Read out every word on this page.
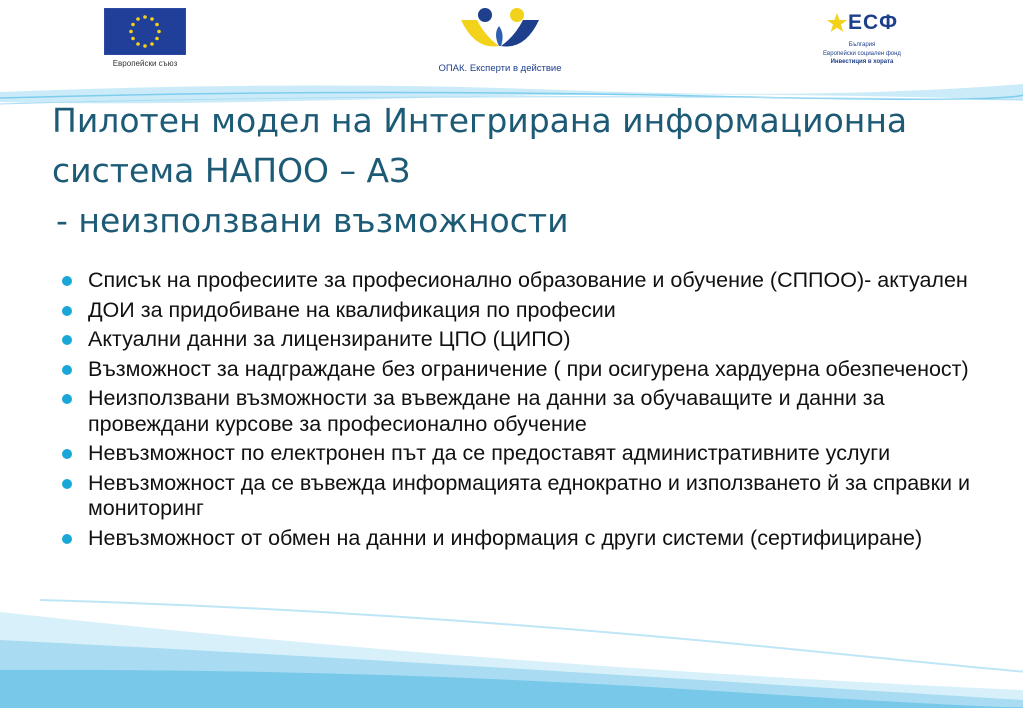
Европейски съюз	ОПАК. Експерти в действие
ЕСФ
България
Европейски социален фонд
Инвестиция в хората
Пилотен модел на Интегрирана информационна
система НАПОО – АЗ
- неизползвани възможности
Списък на професиите за професионално образование и обучение (СППОО)- актуален
ДОИ за придобиване на квалификация по професии
Актуални данни за лицензираните ЦПО (ЦИПО)
Възможност за надграждане без ограничение ( при осигурена хардуерна обезпеченост)
Неизползвани възможности за въвеждане на данни за обучаващите и данни за провеждани курсове за професионално обучение
Невъзможност по електронен път да се предоставят административните услуги
Невъзможност да се въвежда информацията еднократно и използването й за справки и мониторинг
Невъзможност от обмен на данни и информация с други системи (сертифициране)
